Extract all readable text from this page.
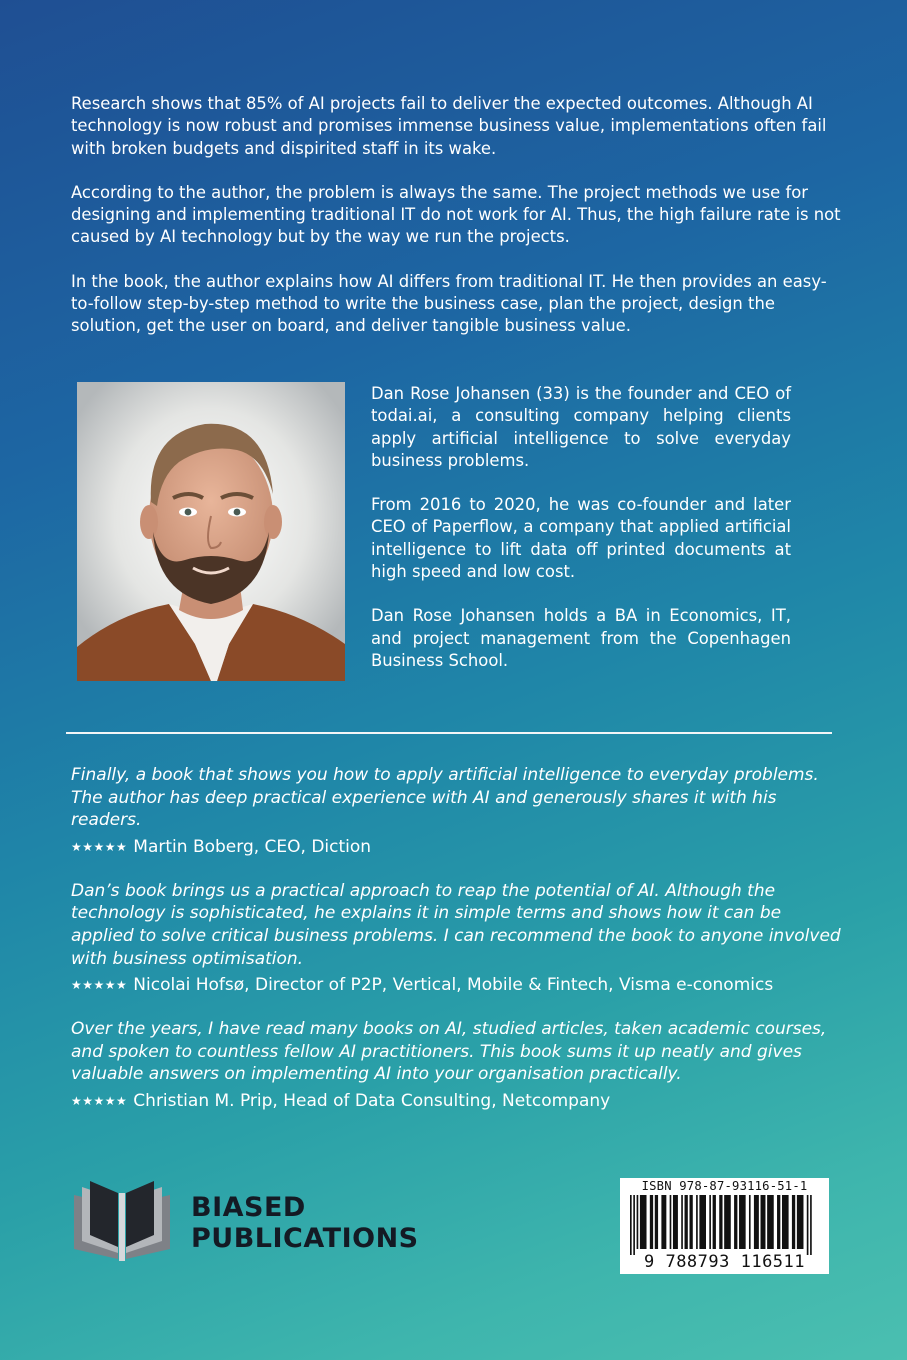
Research shows that 85% of AI projects fail to deliver the expected outcomes. Although AI technology is now robust and promises immense business value, implementations often fail with broken budgets and dispirited staff in its wake.

According to the author, the problem is always the same. The project methods we use for designing and implementing traditional IT do not work for AI. Thus, the high failure rate is not caused by AI technology but by the way we run the projects.

In the book, the author explains how AI differs from traditional IT. He then provides an easy-to-follow step-by-step method to write the business case, plan the project, design the solution, get the user on board, and deliver tangible business value.

Dan Rose Johansen (33) is the founder and CEO of todai.ai, a consulting company helping clients apply artificial intelligence to solve everyday business problems.

From 2016 to 2020, he was co-founder and later CEO of Paperflow, a company that applied artificial intelligence to lift data off printed documents at high speed and low cost.

Dan Rose Johansen holds a BA in Economics, IT, and project management from the Copenhagen Business School.

Finally, a book that shows you how to apply artificial intelligence to everyday problems. The author has deep practical experience with AI and generously shares it with his readers.

★★★★★ Martin Boberg, CEO, Diction

Dan’s book brings us a practical approach to reap the potential of AI. Although the technology is sophisticated, he explains it in simple terms and shows how it can be applied to solve critical business problems. I can recommend the book to anyone involved with business optimisation.

★★★★★ Nicolai Hofsø, Director of P2P, Vertical, Mobile & Fintech, Visma e-conomics

Over the years, I have read many books on AI, studied articles, taken academic courses, and spoken to countless fellow AI practitioners. This book sums it up neatly and gives valuable answers on implementing AI into your organisation practically.

★★★★★ Christian M. Prip, Head of Data Consulting, Netcompany

BIASED
PUBLICATIONS
ISBN 978-87-93116-51-1
9 788793 116511
